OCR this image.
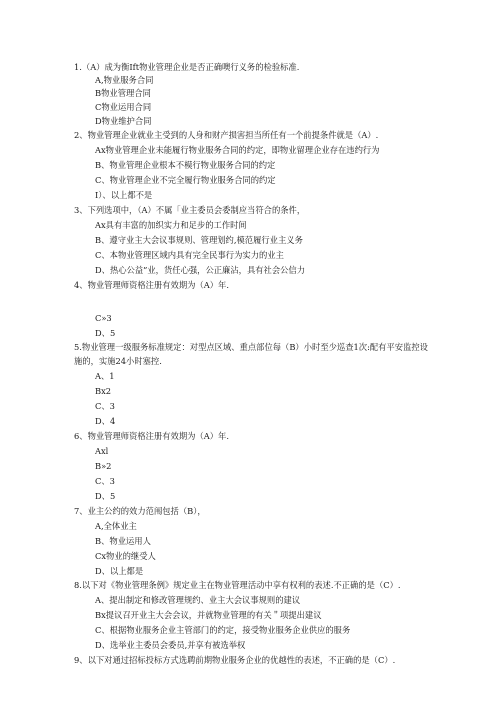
1.（A）成为衡Ift物业管理企业是否正确噢行义务的检验标准.
A,物业服务合同
B物业管理合同
C物业运用合同
D物业维护合同
2、物业管理企业就业主受到的人身和财产损害担当所任有一个前提条件就是（A）.
Ax物业管理企业未能履行物业服务合同的约定，即物业留理企业存在违约行为
B、物业管理企业根本不模行物业服务合同的约定
C、物业管理企业不完全履行物业服务合同的约定
I）、以上都不是
3、下列选项中，（A）不属「业主委员会委制应当符合的条件，
Ax具有丰富的加织实力和足步的工作时间
B、遵守业主大会议事规则、管理划约,模范履行业主义务
C、本物业管理区域内具有完全民事行为实力的业主
D、热心公益”业，货任心强，公正廉沾，具有社会公信力
4、物业管理师资格注册有效期为（A）年.
C»3
D、5
5.物业管理一级服务标准规定：对型点区域、重点部位每（B）小时至少巡查1次:配有平安监控设
施的，实施24小时塞控.
A、1
Bx2
C、3
D、4
6、物业管理师资格注册有效期为（A）年.
Axl
B»2
C、3
D、5
7、业主公约的效力范闱包括（B），
A,全体业主
B、物业运用人
Cx物业的继受人
D、以上都是
8.以下对《物业管理条例》规定业主在物业管理活动中享有权利的表述.不正确的是（C）.
A、提出制定和修改管理规约、业主大会议事规则的建议
Bx提议召开业主大会会议，并就物业管理的有关＂项提出建议
C、根据物业服务企业主管部门的约定，接受物业服务企业供应的服务
D、选举业主委员会委员,并享有被选举权
9、以下对通过招标投标方式选聘前期物业服务企业的优越性的表述，不正确的是（C）.
